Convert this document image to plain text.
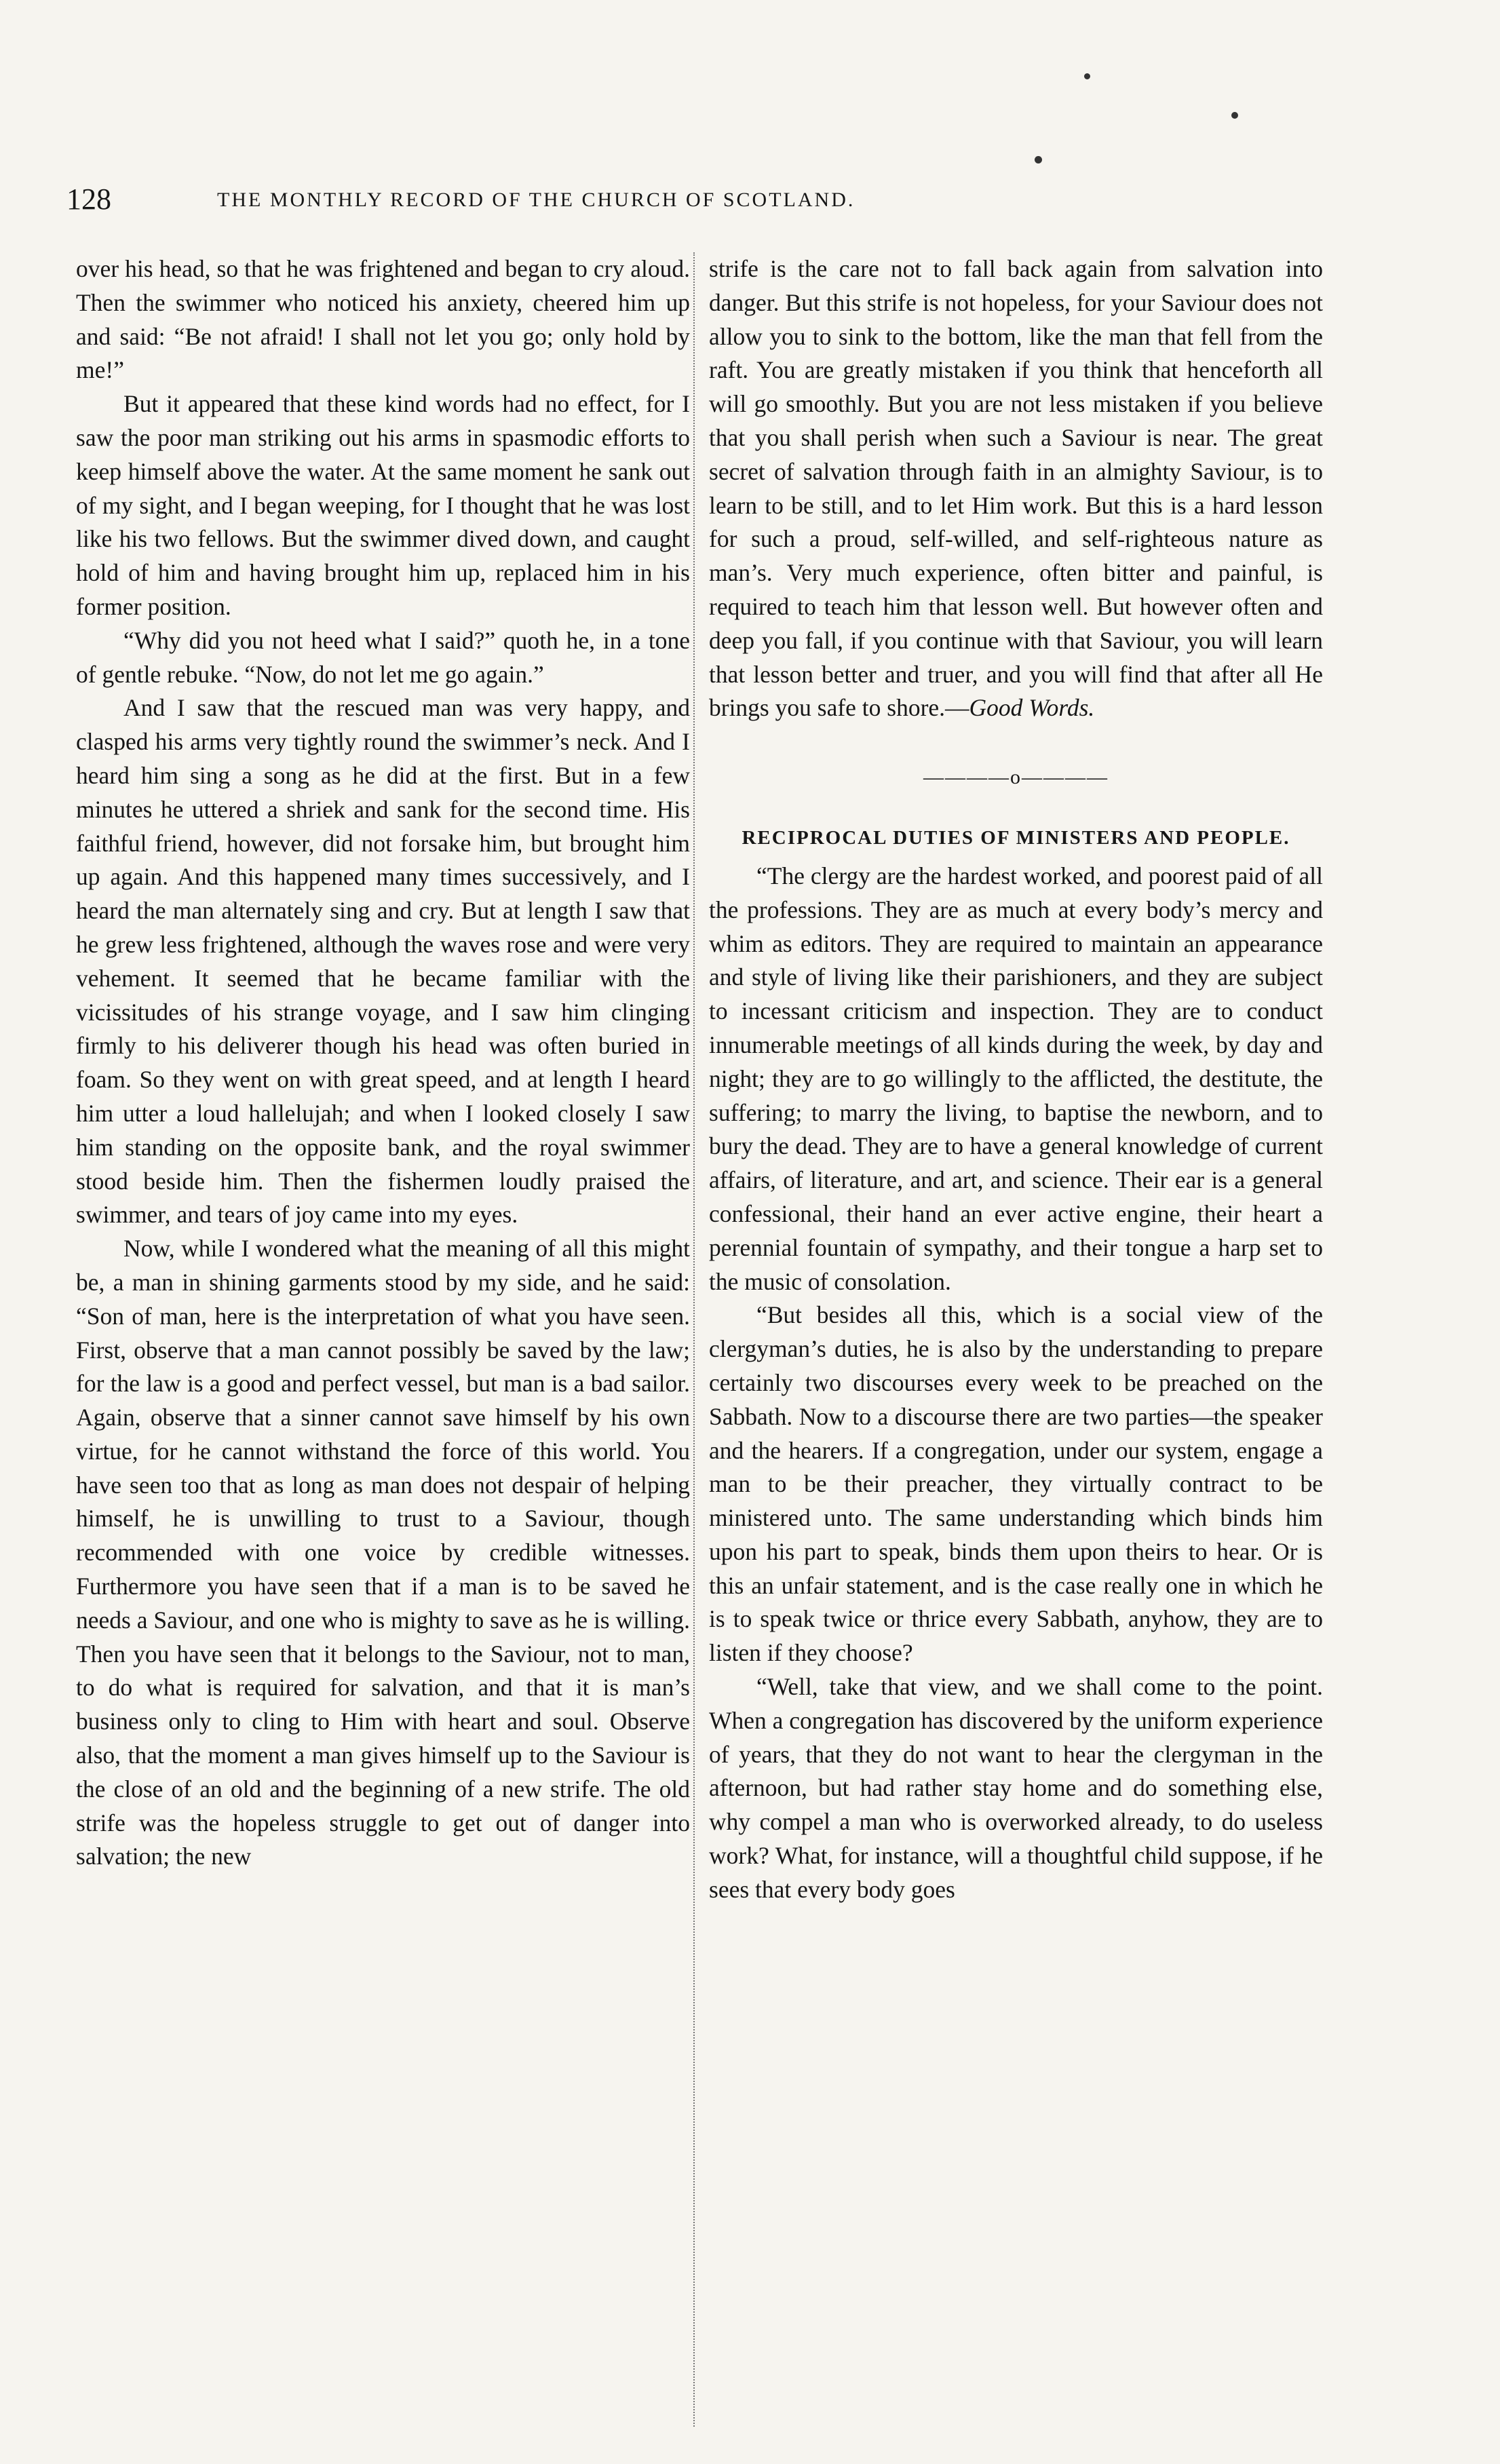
128	THE MONTHLY RECORD OF THE CHURCH OF SCOTLAND.

over his head, so that he was frightened and began to cry aloud. Then the swimmer who noticed his anxiety, cheered him up and said: “Be not afraid! I shall not let you go; only hold by me!”

But it appeared that these kind words had no effect, for I saw the poor man striking out his arms in spasmodic efforts to keep himself above the water. At the same moment he sank out of my sight, and I began weeping, for I thought that he was lost like his two fellows. But the swimmer dived down, and caught hold of him and having brought him up, replaced him in his former position.

“Why did you not heed what I said?” quoth he, in a tone of gentle rebuke. “Now, do not let me go again.”

And I saw that the rescued man was very happy, and clasped his arms very tightly round the swimmer’s neck. And I heard him sing a song as he did at the first. But in a few minutes he uttered a shriek and sank for the second time. His faithful friend, however, did not forsake him, but brought him up again. And this happened many times successively, and I heard the man alternately sing and cry. But at length I saw that he grew less frightened, although the waves rose and were very vehement. It seemed that he became familiar with the vicissitudes of his strange voyage, and I saw him clinging firmly to his deliverer though his head was often buried in foam. So they went on with great speed, and at length I heard him utter a loud hallelujah; and when I looked closely I saw him standing on the opposite bank, and the royal swimmer stood beside him. Then the fishermen loudly praised the swimmer, and tears of joy came into my eyes.

Now, while I wondered what the meaning of all this might be, a man in shining garments stood by my side, and he said: “Son of man, here is the interpretation of what you have seen. First, observe that a man cannot possibly be saved by the law; for the law is a good and perfect vessel, but man is a bad sailor. Again, observe that a sinner cannot save himself by his own virtue, for he cannot withstand the force of this world. You have seen too that as long as man does not despair of helping himself, he is unwilling to trust to a Saviour, though recommended with one voice by credible witnesses. Furthermore you have seen that if a man is to be saved he needs a Saviour, and one who is mighty to save as he is willing. Then you have seen that it belongs to the Saviour, not to man, to do what is required for salvation, and that it is man’s business only to cling to Him with heart and soul. Observe also, that the moment a man gives himself up to the Saviour is the close of an old and the beginning of a new strife. The old strife was the hopeless struggle to get out of danger into salvation; the new

strife is the care not to fall back again from salvation into danger. But this strife is not hopeless, for your Saviour does not allow you to sink to the bottom, like the man that fell from the raft. You are greatly mistaken if you think that henceforth all will go smoothly. But you are not less mistaken if you believe that you shall perish when such a Saviour is near. The great secret of salvation through faith in an almighty Saviour, is to learn to be still, and to let Him work. But this is a hard lesson for such a proud, self-willed, and self-righteous nature as man’s. Very much experience, often bitter and painful, is required to teach him that lesson well. But however often and deep you fall, if you continue with that Saviour, you will learn that lesson better and truer, and you will find that after all He brings you safe to shore.—Good Words.

————o————
RECIPROCAL DUTIES OF MINISTERS AND PEOPLE.

“The clergy are the hardest worked, and poorest paid of all the professions. They are as much at every body’s mercy and whim as editors. They are required to maintain an appearance and style of living like their parishioners, and they are subject to incessant criticism and inspection. They are to conduct innumerable meetings of all kinds during the week, by day and night; they are to go willingly to the afflicted, the destitute, the suffering; to marry the living, to baptise the newborn, and to bury the dead. They are to have a general knowledge of current affairs, of literature, and art, and science. Their ear is a general confessional, their hand an ever active engine, their heart a perennial fountain of sympathy, and their tongue a harp set to the music of consolation.

“But besides all this, which is a social view of the clergyman’s duties, he is also by the understanding to prepare certainly two discourses every week to be preached on the Sabbath. Now to a discourse there are two parties—the speaker and the hearers. If a congregation, under our system, engage a man to be their preacher, they virtually contract to be ministered unto. The same understanding which binds him upon his part to speak, binds them upon theirs to hear. Or is this an unfair statement, and is the case really one in which he is to speak twice or thrice every Sabbath, anyhow, they are to listen if they choose?

“Well, take that view, and we shall come to the point. When a congregation has discovered by the uniform experience of years, that they do not want to hear the clergyman in the afternoon, but had rather stay home and do something else, why compel a man who is overworked already, to do useless work? What, for instance, will a thoughtful child suppose, if he sees that every body goes
